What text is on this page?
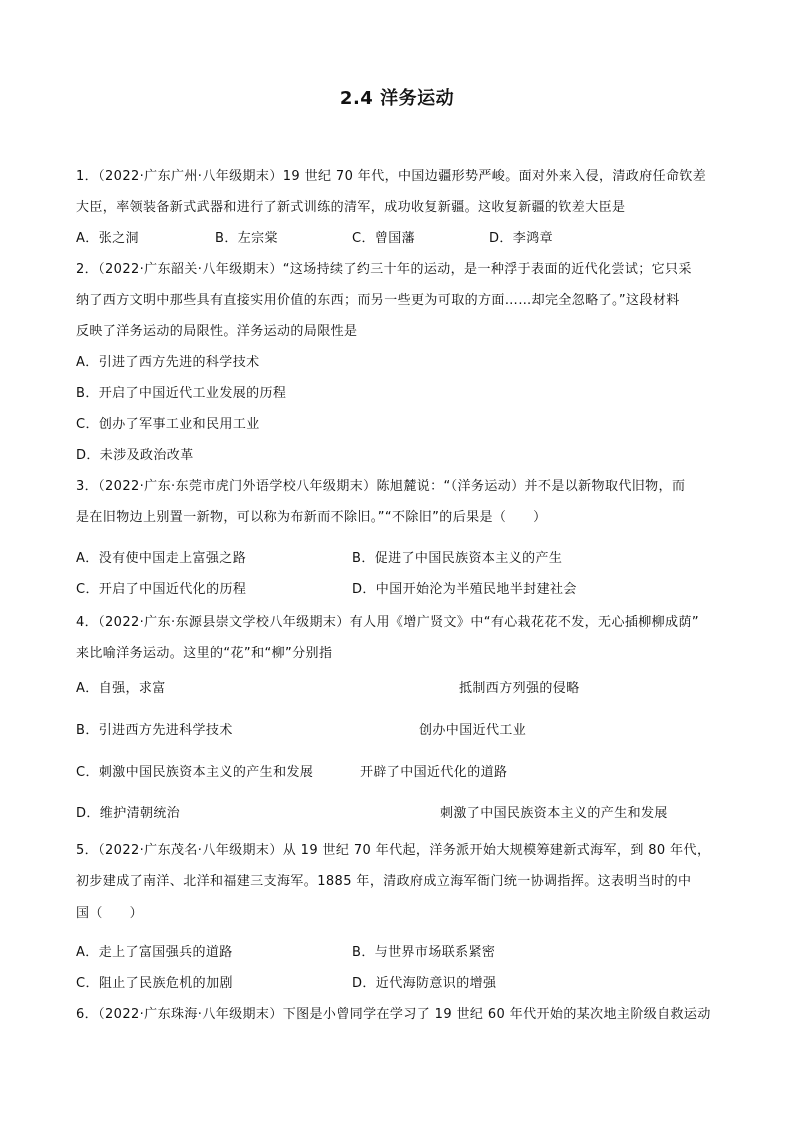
2.4 洋务运动
1．（2022·广东广州·八年级期末）19 世纪 70 年代，中国边疆形势严峻。面对外来入侵，清政府任命钦差
大臣，率领装备新式武器和进行了新式训练的清军，成功收复新疆。这收复新疆的钦差大臣是
A．张之洞	B．左宗棠	C．曾国藩	D．李鸿章
2．（2022·广东韶关·八年级期末）“这场持续了约三十年的运动，是一种浮于表面的近代化尝试；它只采
纳了西方文明中那些具有直接实用价值的东西；而另一些更为可取的方面……却完全忽略了。”这段材料
反映了洋务运动的局限性。洋务运动的局限性是
A．引进了西方先进的科学技术
B．开启了中国近代工业发展的历程
C．创办了军事工业和民用工业
D．未涉及政治改革
3．（2022·广东·东莞市虎门外语学校八年级期末）陈旭麓说：“（洋务运动）并不是以新物取代旧物，而
是在旧物边上别置一新物，可以称为布新而不除旧。”“不除旧”的后果是（　　）
A．没有使中国走上富强之路	B．促进了中国民族资本主义的产生
C．开启了中国近代化的历程	D．中国开始沦为半殖民地半封建社会
4．（2022·广东·东源县崇文学校八年级期末）有人用《增广贤文》中“有心栽花花不发，无心插柳柳成荫”
来比喻洋务运动。这里的“花”和“柳”分别指
A．自强，求富	抵制西方列强的侵略
B．引进西方先进科学技术	创办中国近代工业
C．刺激中国民族资本主义的产生和发展	开辟了中国近代化的道路
D．维护清朝统治	刺激了中国民族资本主义的产生和发展
5．（2022·广东茂名·八年级期末）从 19 世纪 70 年代起，洋务派开始大规模筹建新式海军，到 80 年代，
初步建成了南洋、北洋和福建三支海军。1885 年，清政府成立海军衙门统一协调指挥。这表明当时的中
国（　　）
A．走上了富国强兵的道路	B．与世界市场联系紧密
C．阻止了民族危机的加剧	D．近代海防意识的增强
6．（2022·广东珠海·八年级期末）下图是小曾同学在学习了 19 世纪 60 年代开始的某次地主阶级自救运动
